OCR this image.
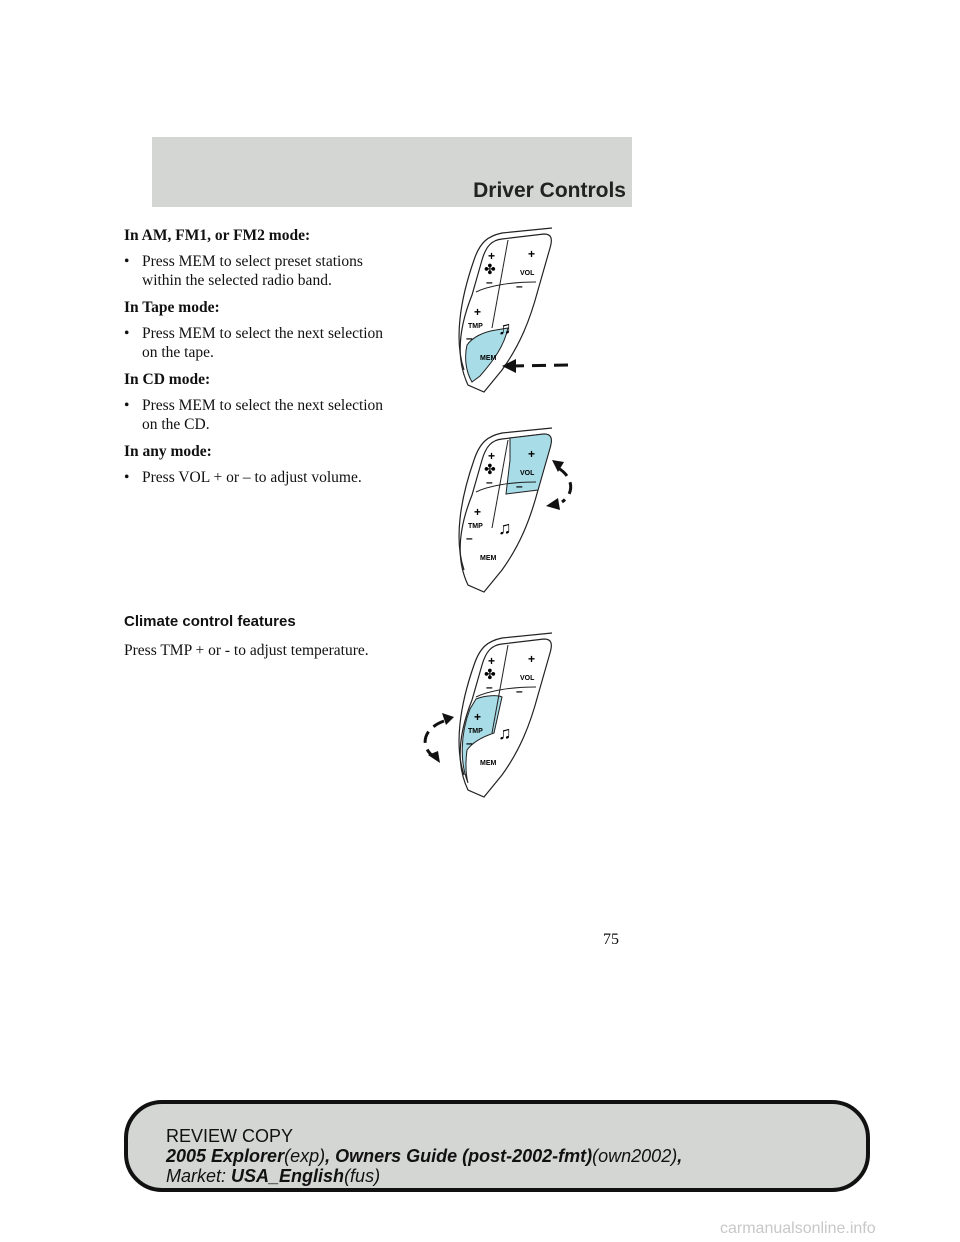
Driver Controls
In AM, FM1, or FM2 mode:
• Press MEM to select preset stations within the selected radio band.
In Tape mode:
• Press MEM to select the next selection on the tape.
In CD mode:
• Press MEM to select the next selection on the CD.
In any mode:
• Press VOL + or – to adjust volume.
Climate control features
Press TMP + or - to adjust temperature.
+
✤
–
+
VOL
–
+
TMP
– ♫
MEM
+
✤
–
+
VOL
–
+
TMP
– ♫
MEM
+
✤
–
+
VOL
–
+
TMP
– ♫
MEM
75
REVIEW COPY
2005 Explorer(exp), Owners Guide (post-2002-fmt)(own2002),
Market: USA_English(fus)
carmanualsonline.info
